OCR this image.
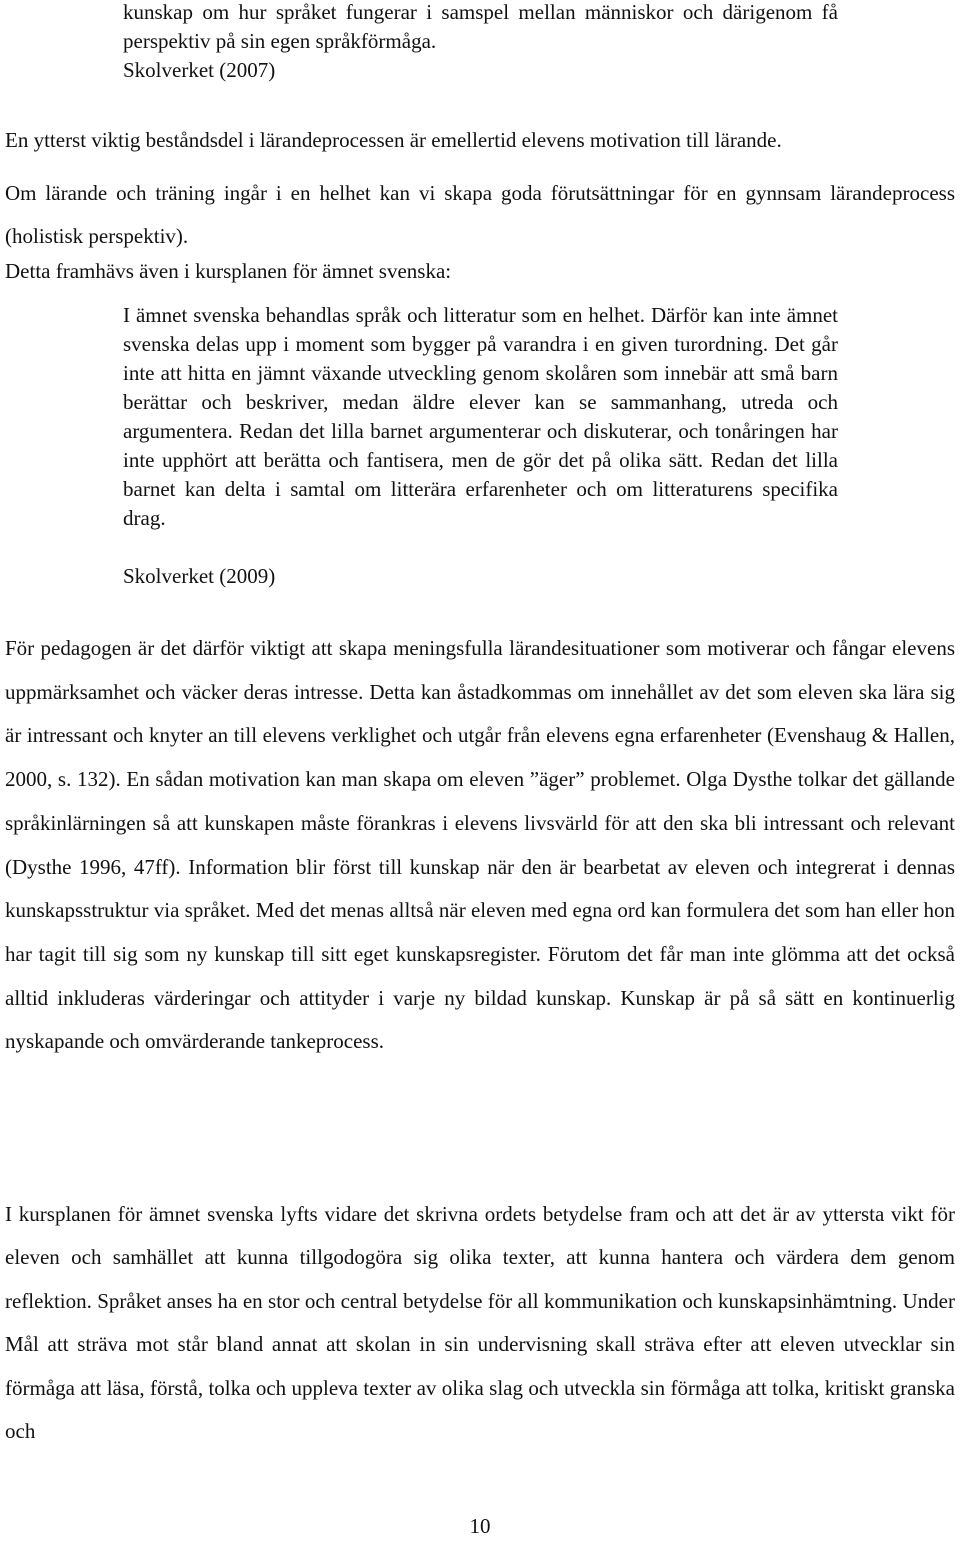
kunskap om hur språket fungerar i samspel mellan människor och därigenom få perspektiv på sin egen språkförmåga.
Skolverket (2007)
En ytterst viktig beståndsdel i lärandeprocessen är emellertid elevens motivation till lärande.
Om lärande och träning ingår i en helhet kan vi skapa goda förutsättningar för en gynnsam lärandeprocess (holistisk perspektiv).
Detta framhävs även i kursplanen för ämnet svenska:
I ämnet svenska behandlas språk och litteratur som en helhet. Därför kan inte ämnet svenska delas upp i moment som bygger på varandra i en given turordning. Det går inte att hitta en jämnt växande utveckling genom skolåren som innebär att små barn berättar och beskriver, medan äldre elever kan se sammanhang, utreda och argumentera. Redan det lilla barnet argumenterar och diskuterar, och tonåringen har inte upphört att berätta och fantisera, men de gör det på olika sätt. Redan det lilla barnet kan delta i samtal om litterära erfarenheter och om litteraturens specifika drag.
Skolverket (2009)
För pedagogen är det därför viktigt att skapa meningsfulla lärandesituationer som motiverar och fångar elevens uppmärksamhet och väcker deras intresse. Detta kan åstadkommas om innehållet av det som eleven ska lära sig är intressant och knyter an till elevens verklighet och utgår från elevens egna erfarenheter (Evenshaug & Hallen, 2000, s. 132). En sådan motivation kan man skapa om eleven ”äger” problemet. Olga Dysthe tolkar det gällande språkinlärningen så att kunskapen måste förankras i elevens livsvärld för att den ska bli intressant och relevant (Dysthe 1996, 47ff). Information blir först till kunskap när den är bearbetat av eleven och integrerat i dennas kunskapsstruktur via språket. Med det menas alltså när eleven med egna ord kan formulera det som han eller hon har tagit till sig som ny kunskap till sitt eget kunskapsregister. Förutom det får man inte glömma att det också alltid inkluderas värderingar och attityder i varje ny bildad kunskap. Kunskap är på så sätt en kontinuerlig nyskapande och omvärderande tankeprocess.
I kursplanen för ämnet svenska lyfts vidare det skrivna ordets betydelse fram och att det är av yttersta vikt för eleven och samhället att kunna tillgodogöra sig olika texter, att kunna hantera och värdera dem genom reflektion. Språket anses ha en stor och central betydelse för all kommunikation och kunskapsinhämtning. Under Mål att sträva mot står bland annat att skolan in sin undervisning skall sträva efter att eleven utvecklar sin förmåga att läsa, förstå, tolka och uppleva texter av olika slag och utveckla sin förmåga att tolka, kritiskt granska och
10
